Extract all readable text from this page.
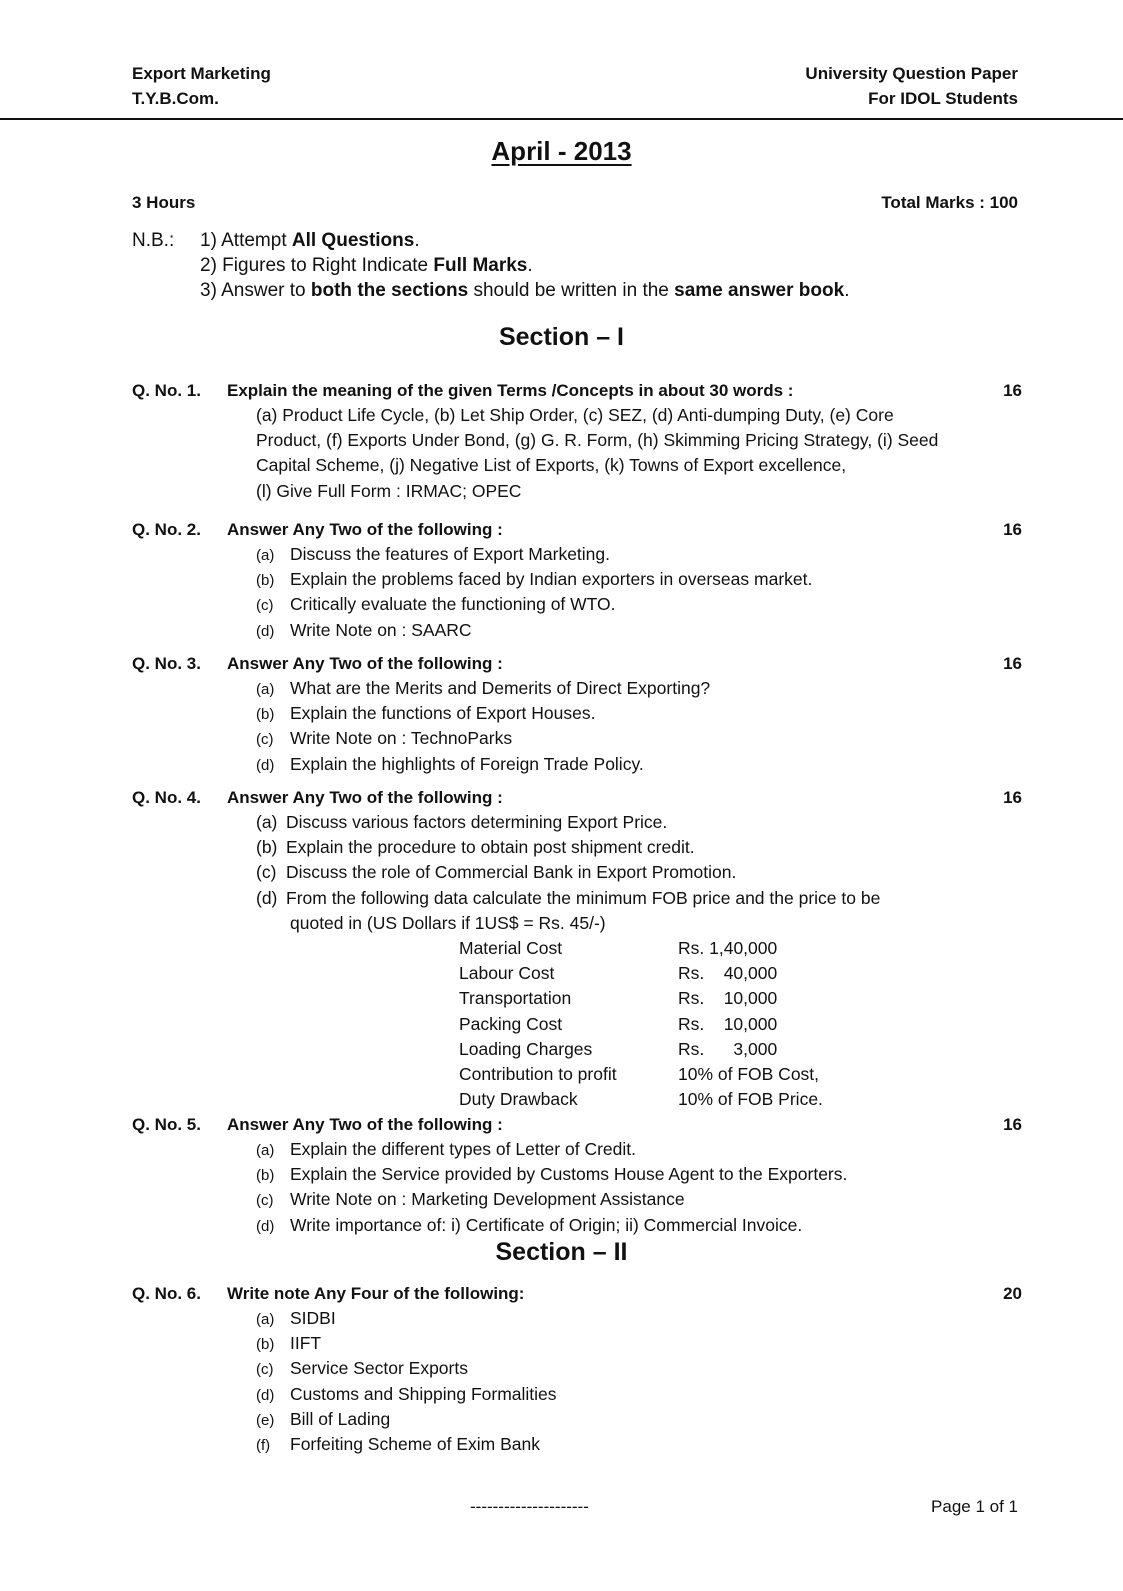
Export Marketing
T.Y.B.Com.
University Question Paper
For IDOL Students
April - 2013
3 Hours	Total Marks : 100
N.B.: 1) Attempt All Questions.
2) Figures to Right Indicate Full Marks.
3) Answer to both the sections should be written in the same answer book.
Section – I
Q. No. 1. Explain the meaning of the given Terms /Concepts in about 30 words :	16
(a) Product Life Cycle, (b) Let Ship Order, (c) SEZ, (d) Anti-dumping Duty, (e) Core
Product, (f) Exports Under Bond, (g) G. R. Form, (h) Skimming Pricing Strategy, (i) Seed
Capital Scheme, (j) Negative List of Exports, (k) Towns of Export excellence,
(l) Give Full Form : IRMAC; OPEC
Q. No. 2. Answer Any Two of the following :	16
(a) Discuss the features of Export Marketing.
(b) Explain the problems faced by Indian exporters in overseas market.
(c) Critically evaluate the functioning of WTO.
(d) Write Note on : SAARC
Q. No. 3. Answer Any Two of the following :	16
(a) What are the Merits and Demerits of Direct Exporting?
(b) Explain the functions of Export Houses.
(c) Write Note on : TechnoParks
(d) Explain the highlights of Foreign Trade Policy.
Q. No. 4. Answer Any Two of the following :	16
(a) Discuss various factors determining Export Price.
(b) Explain the procedure to obtain post shipment credit.
(c) Discuss the role of Commercial Bank in Export Promotion.
(d) From the following data calculate the minimum FOB price and the price to be
quoted in (US Dollars if 1US$ = Rs. 45/-)
Material Cost	Rs. 1,40,000
Labour Cost	Rs.    40,000
Transportation	Rs.    10,000
Packing Cost	Rs.    10,000
Loading Charges	Rs.      3,000
Contribution to profit	10% of FOB Cost,
Duty Drawback	10% of FOB Price.
Q. No. 5. Answer Any Two of the following :	16
(a) Explain the different types of Letter of Credit.
(b) Explain the Service provided by Customs House Agent to the Exporters.
(c) Write Note on : Marketing Development Assistance
(d) Write importance of: i) Certificate of Origin; ii) Commercial Invoice.
Section – II
Q. No. 6. Write note Any Four of the following:	20
(a) SIDBI
(b) IIFT
(c) Service Sector Exports
(d) Customs and Shipping Formalities
(e) Bill of Lading
(f) Forfeiting Scheme of Exim Bank
---------------------	Page 1 of 1
